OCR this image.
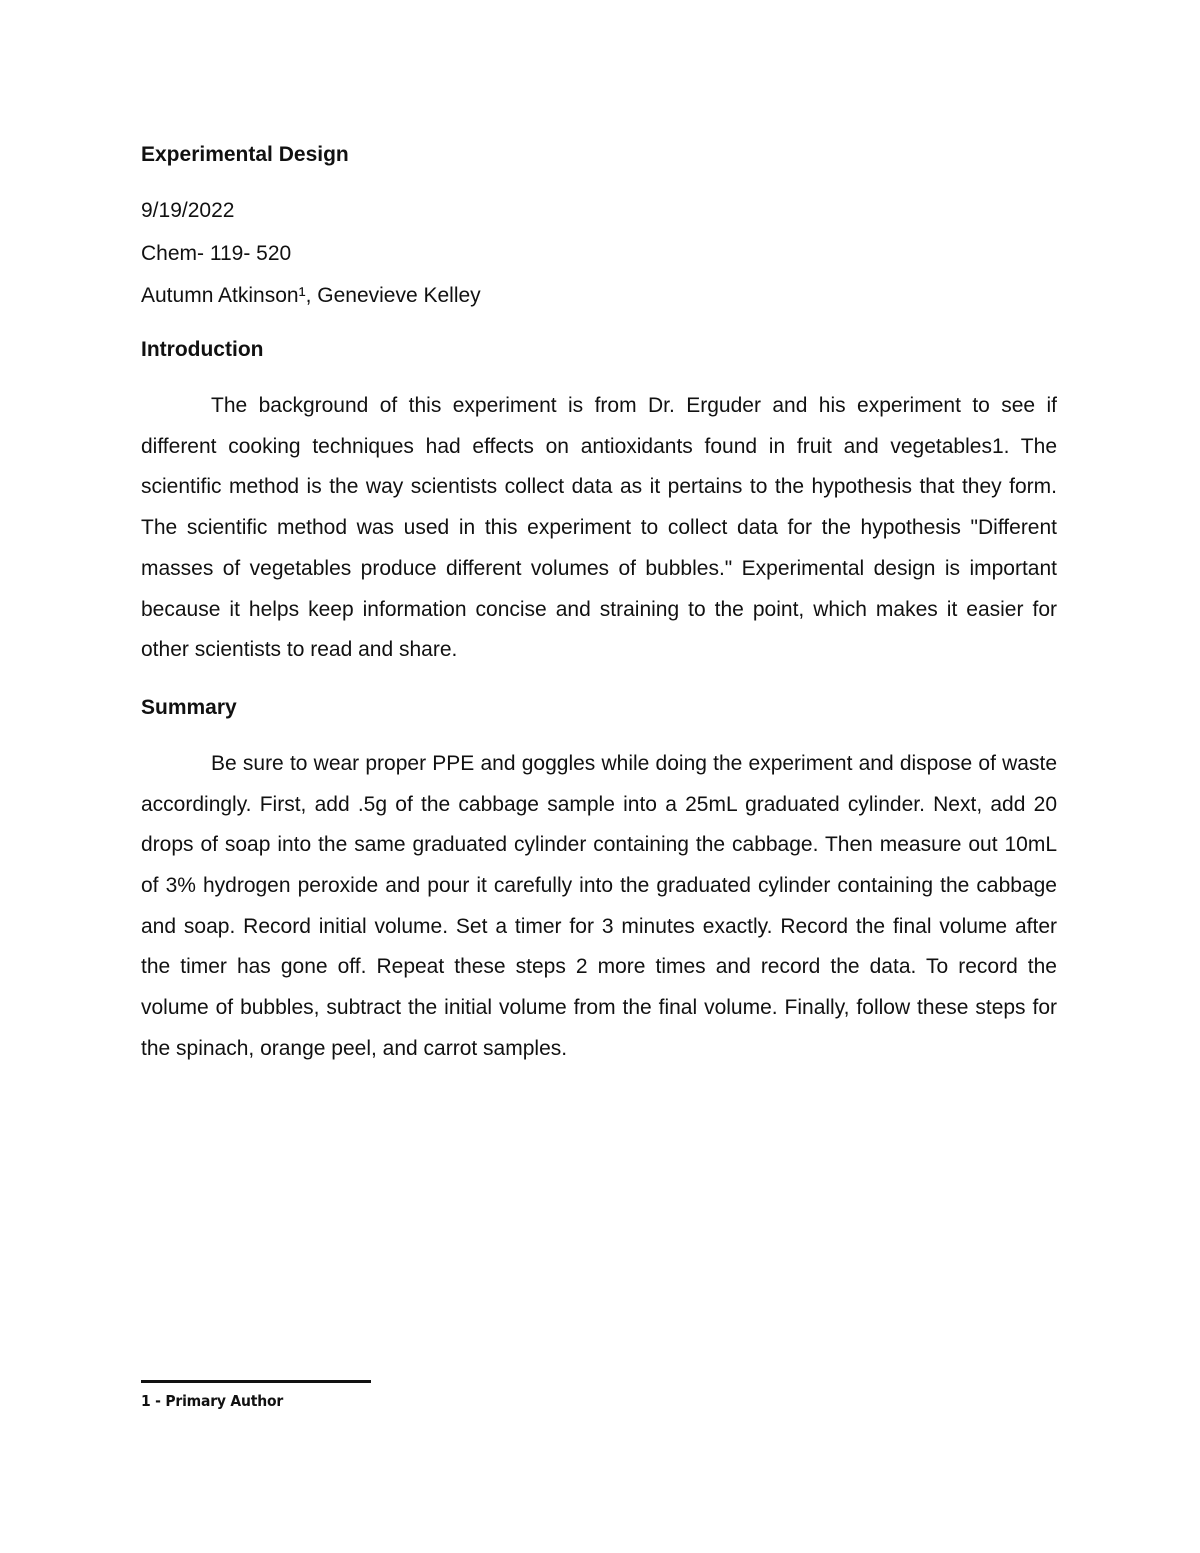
Experimental Design
9/19/2022
Chem- 119- 520
Autumn Atkinson¹, Genevieve Kelley
Introduction

The background of this experiment is from Dr. Erguder and his experiment to see if different cooking techniques had effects on antioxidants found in fruit and vegetables1. The scientific method is the way scientists collect data as it pertains to the hypothesis that they form. The scientific method was used in this experiment to collect data for the hypothesis "Different masses of vegetables produce different volumes of bubbles." Experimental design is important because it helps keep information concise and straining to the point, which makes it easier for other scientists to read and share.

Summary

Be sure to wear proper PPE and goggles while doing the experiment and dispose of waste accordingly. First, add .5g of the cabbage sample into a 25mL graduated cylinder. Next, add 20 drops of soap into the same graduated cylinder containing the cabbage. Then measure out 10mL of 3% hydrogen peroxide and pour it carefully into the graduated cylinder containing the cabbage and soap. Record initial volume. Set a timer for 3 minutes exactly. Record the final volume after the timer has gone off. Repeat these steps 2 more times and record the data. To record the volume of bubbles, subtract the initial volume from the final volume. Finally, follow these steps for the spinach, orange peel, and carrot samples.

1 - Primary Author
